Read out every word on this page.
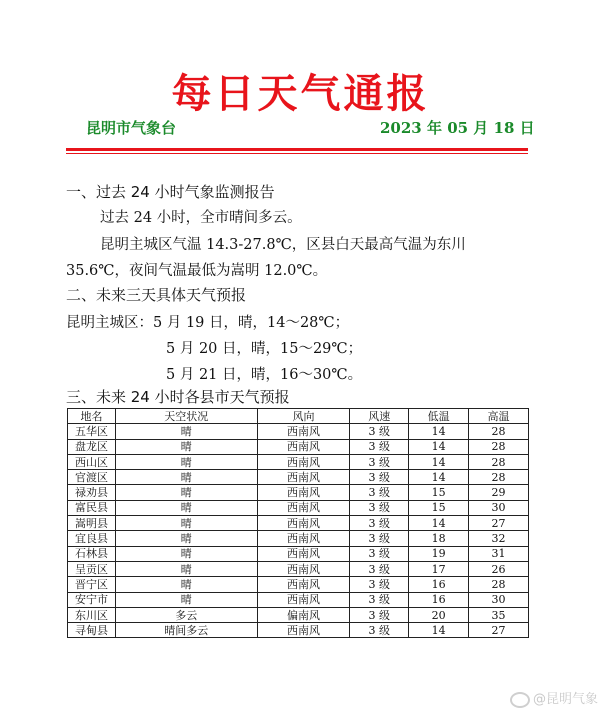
每日天气通报
昆明市气象台	2023 年 05 月 18 日
一、过去 24 小时气象监测报告
过去 24 小时，全市晴间多云。
昆明主城区气温 14.3-27.8℃，区县白天最高气温为东川
35.6℃，夜间气温最低为嵩明 12.0℃。
二、未来三天具体天气预报
昆明主城区：5 月 19 日，晴，14～28℃；
5 月 20 日，晴，15～29℃；
5 月 21 日，晴，16～30℃。
三、未来 24 小时各县市天气预报
地名	天空状况	风向	风速	低温	高温
五华区	晴	西南风	3 级	14	28
盘龙区	晴	西南风	3 级	14	28
西山区	晴	西南风	3 级	14	28
官渡区	晴	西南风	3 级	14	28
禄劝县	晴	西南风	3 级	15	29
富民县	晴	西南风	3 级	15	30
嵩明县	晴	西南风	3 级	14	27
宜良县	晴	西南风	3 级	18	32
石林县	晴	西南风	3 级	19	31
呈贡区	晴	西南风	3 级	17	26
晋宁区	晴	西南风	3 级	16	28
安宁市	晴	西南风	3 级	16	30
东川区	多云	偏南风	3 级	20	35
寻甸县	晴间多云	西南风	3 级	14	27
@昆明气象
